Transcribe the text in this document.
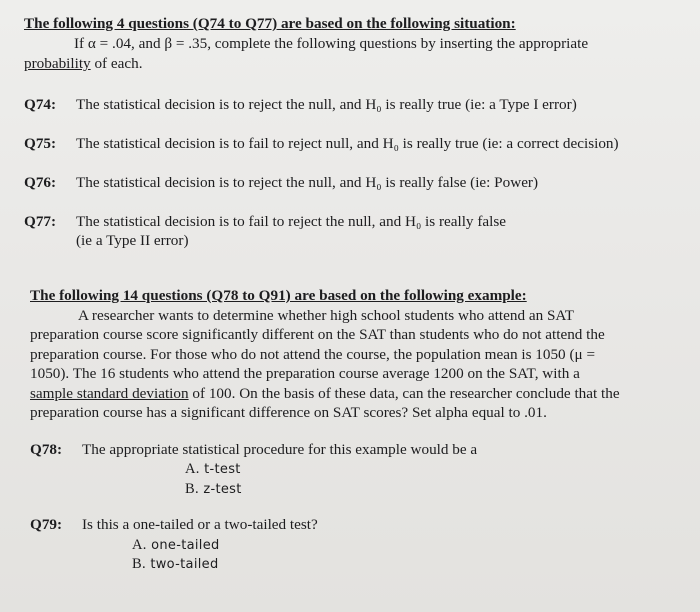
The following 4 questions (Q74 to Q77) are based on the following situation:
If α = .04, and β = .35, complete the following questions by inserting the appropriate
probability of each.
Q74:	The statistical decision is to reject the null, and H₀ is really true (ie: a Type I error)
Q75:	The statistical decision is to fail to reject null, and H₀ is really true (ie: a correct decision)
Q76:	The statistical decision is to reject the null, and H₀ is really false (ie: Power)
Q77:	The statistical decision is to fail to reject the null, and H₀ is really false
(ie a Type II error)
The following 14 questions (Q78 to Q91) are based on the following example:
A researcher wants to determine whether high school students who attend an SAT
preparation course score significantly different on the SAT than students who do not attend the
preparation course. For those who do not attend the course, the population mean is 1050 (μ =
1050). The 16 students who attend the preparation course average 1200 on the SAT, with a
sample standard deviation of 100. On the basis of these data, can the researcher conclude that the
preparation course has a significant difference on SAT scores? Set alpha equal to .01.
Q78:	The appropriate statistical procedure for this example would be a
A. t-test
B. z-test
Q79:	Is this a one-tailed or a two-tailed test?
A. one-tailed
B. two-tailed
